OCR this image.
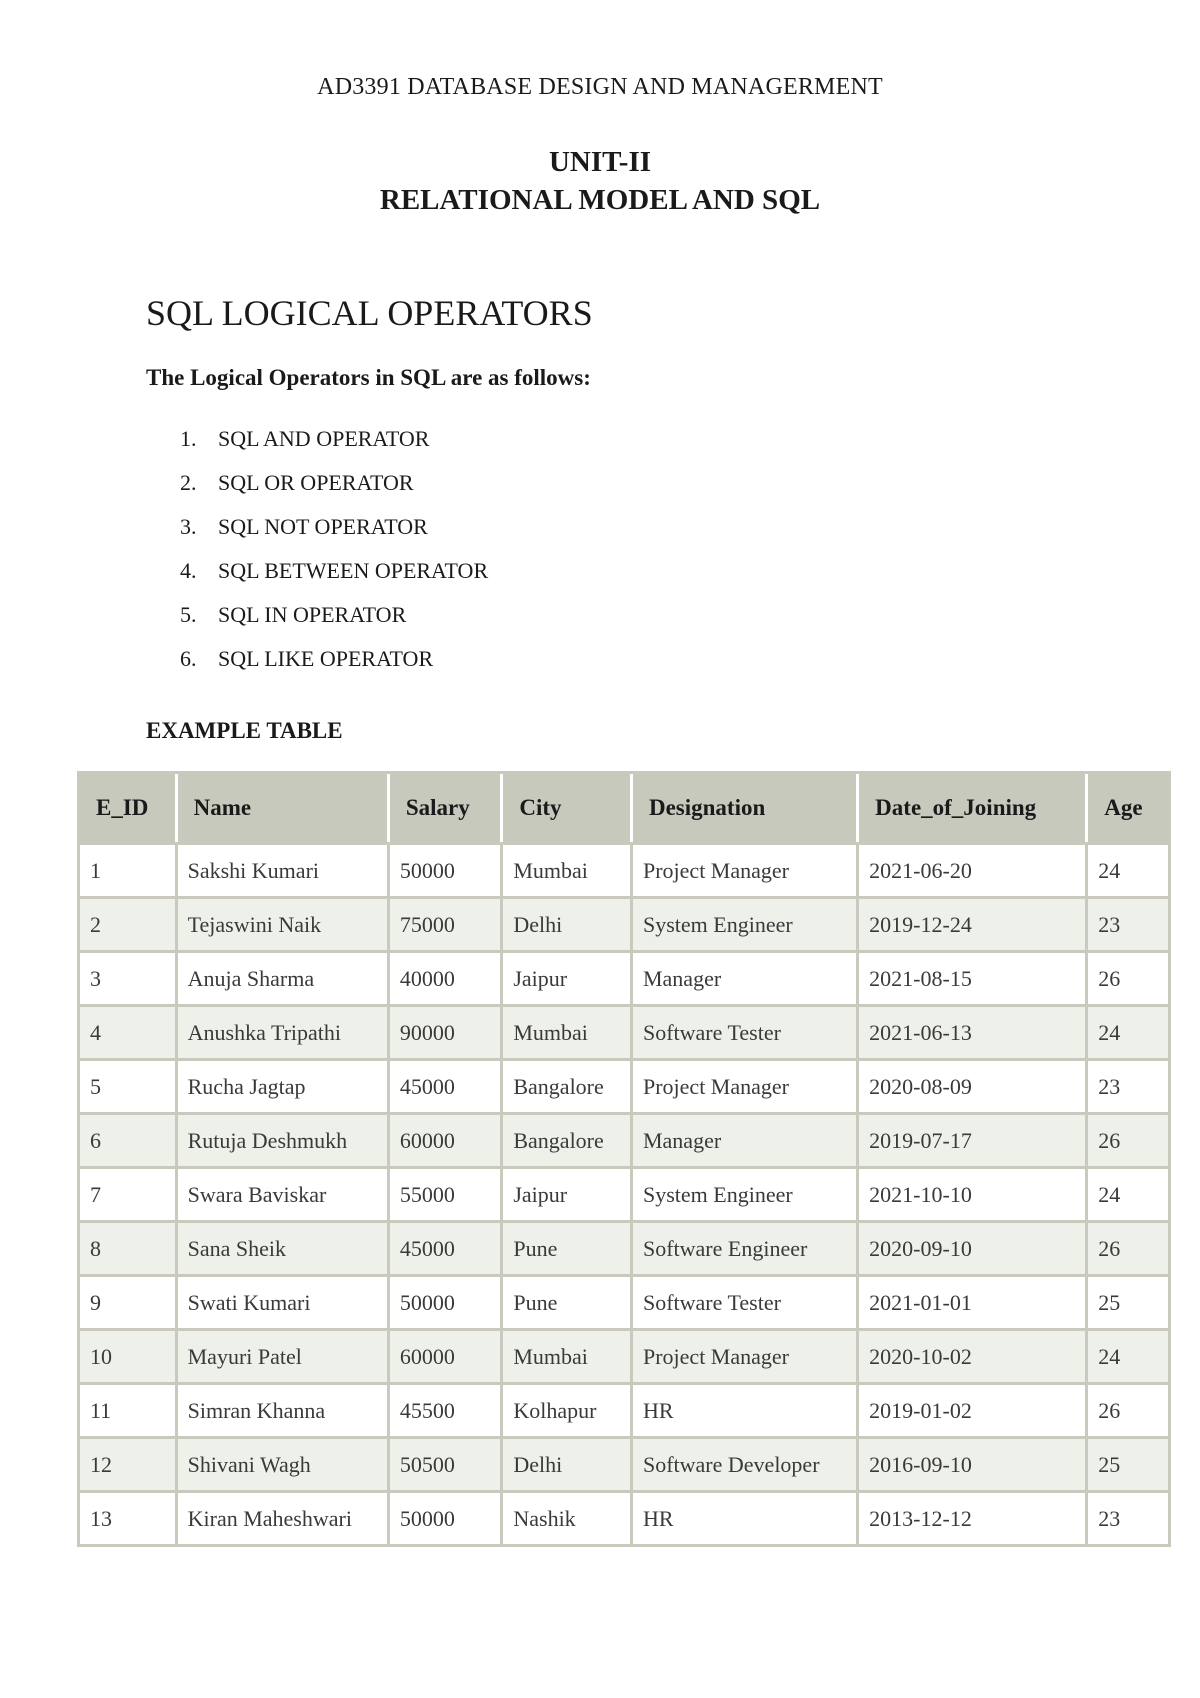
AD3391 DATABASE DESIGN AND MANAGERMENT
UNIT-II
RELATIONAL MODEL AND SQL
SQL LOGICAL OPERATORS
The Logical Operators in SQL are as follows:
1. SQL AND OPERATOR
2. SQL OR OPERATOR
3. SQL NOT OPERATOR
4. SQL BETWEEN OPERATOR
5. SQL IN OPERATOR
6. SQL LIKE OPERATOR
EXAMPLE TABLE
E_ID	Name	Salary	City	Designation	Date_of_Joining	Age
1	Sakshi Kumari	50000	Mumbai	Project Manager	2021-06-20	24
2	Tejaswini Naik	75000	Delhi	System Engineer	2019-12-24	23
3	Anuja Sharma	40000	Jaipur	Manager	2021-08-15	26
4	Anushka Tripathi	90000	Mumbai	Software Tester	2021-06-13	24
5	Rucha Jagtap	45000	Bangalore	Project Manager	2020-08-09	23
6	Rutuja Deshmukh	60000	Bangalore	Manager	2019-07-17	26
7	Swara Baviskar	55000	Jaipur	System Engineer	2021-10-10	24
8	Sana Sheik	45000	Pune	Software Engineer	2020-09-10	26
9	Swati Kumari	50000	Pune	Software Tester	2021-01-01	25
10	Mayuri Patel	60000	Mumbai	Project Manager	2020-10-02	24
11	Simran Khanna	45500	Kolhapur	HR	2019-01-02	26
12	Shivani Wagh	50500	Delhi	Software Developer	2016-09-10	25
13	Kiran Maheshwari	50000	Nashik	HR	2013-12-12	23
